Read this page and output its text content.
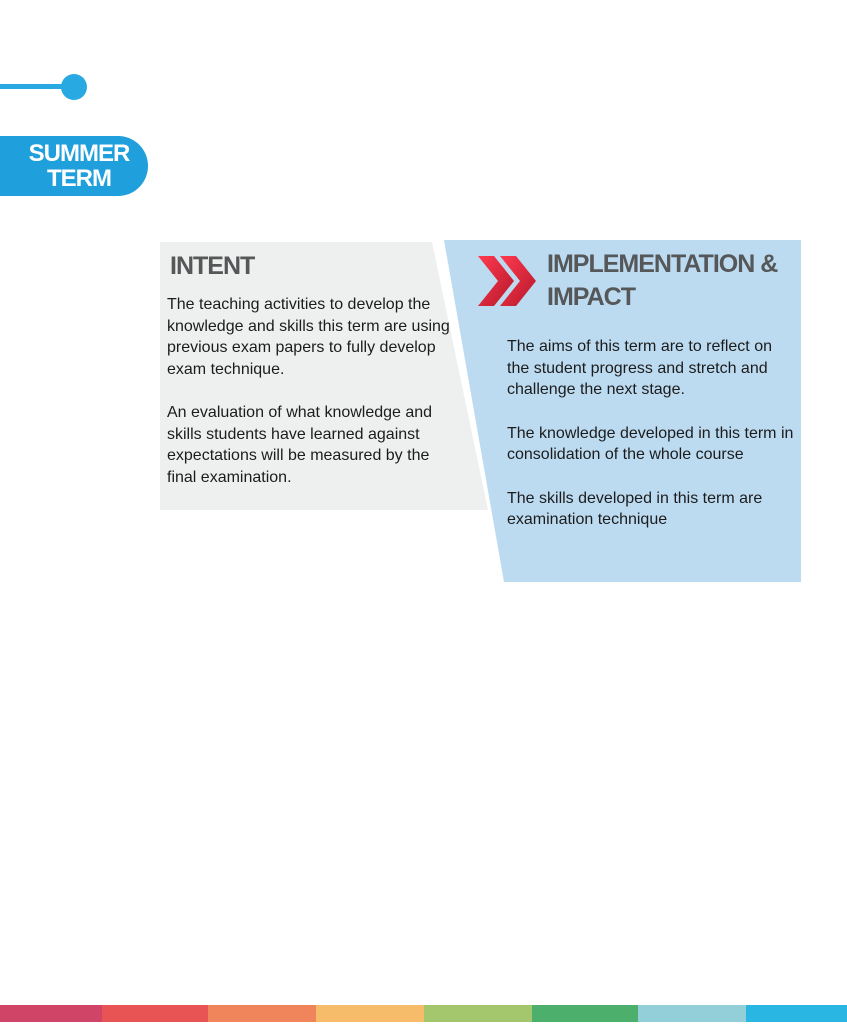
SUMMER
TERM
INTENT

The teaching activities to develop the knowledge and skills this term are using previous exam papers to fully develop exam technique.

An evaluation of what knowledge and skills students have learned against expectations will be measured by the final examination.

IMPLEMENTATION & IMPACT

The aims of this term are to reflect on the student progress and stretch and challenge the next stage.

The knowledge developed in this term in consolidation of the whole course

The skills developed in this term are examination technique
